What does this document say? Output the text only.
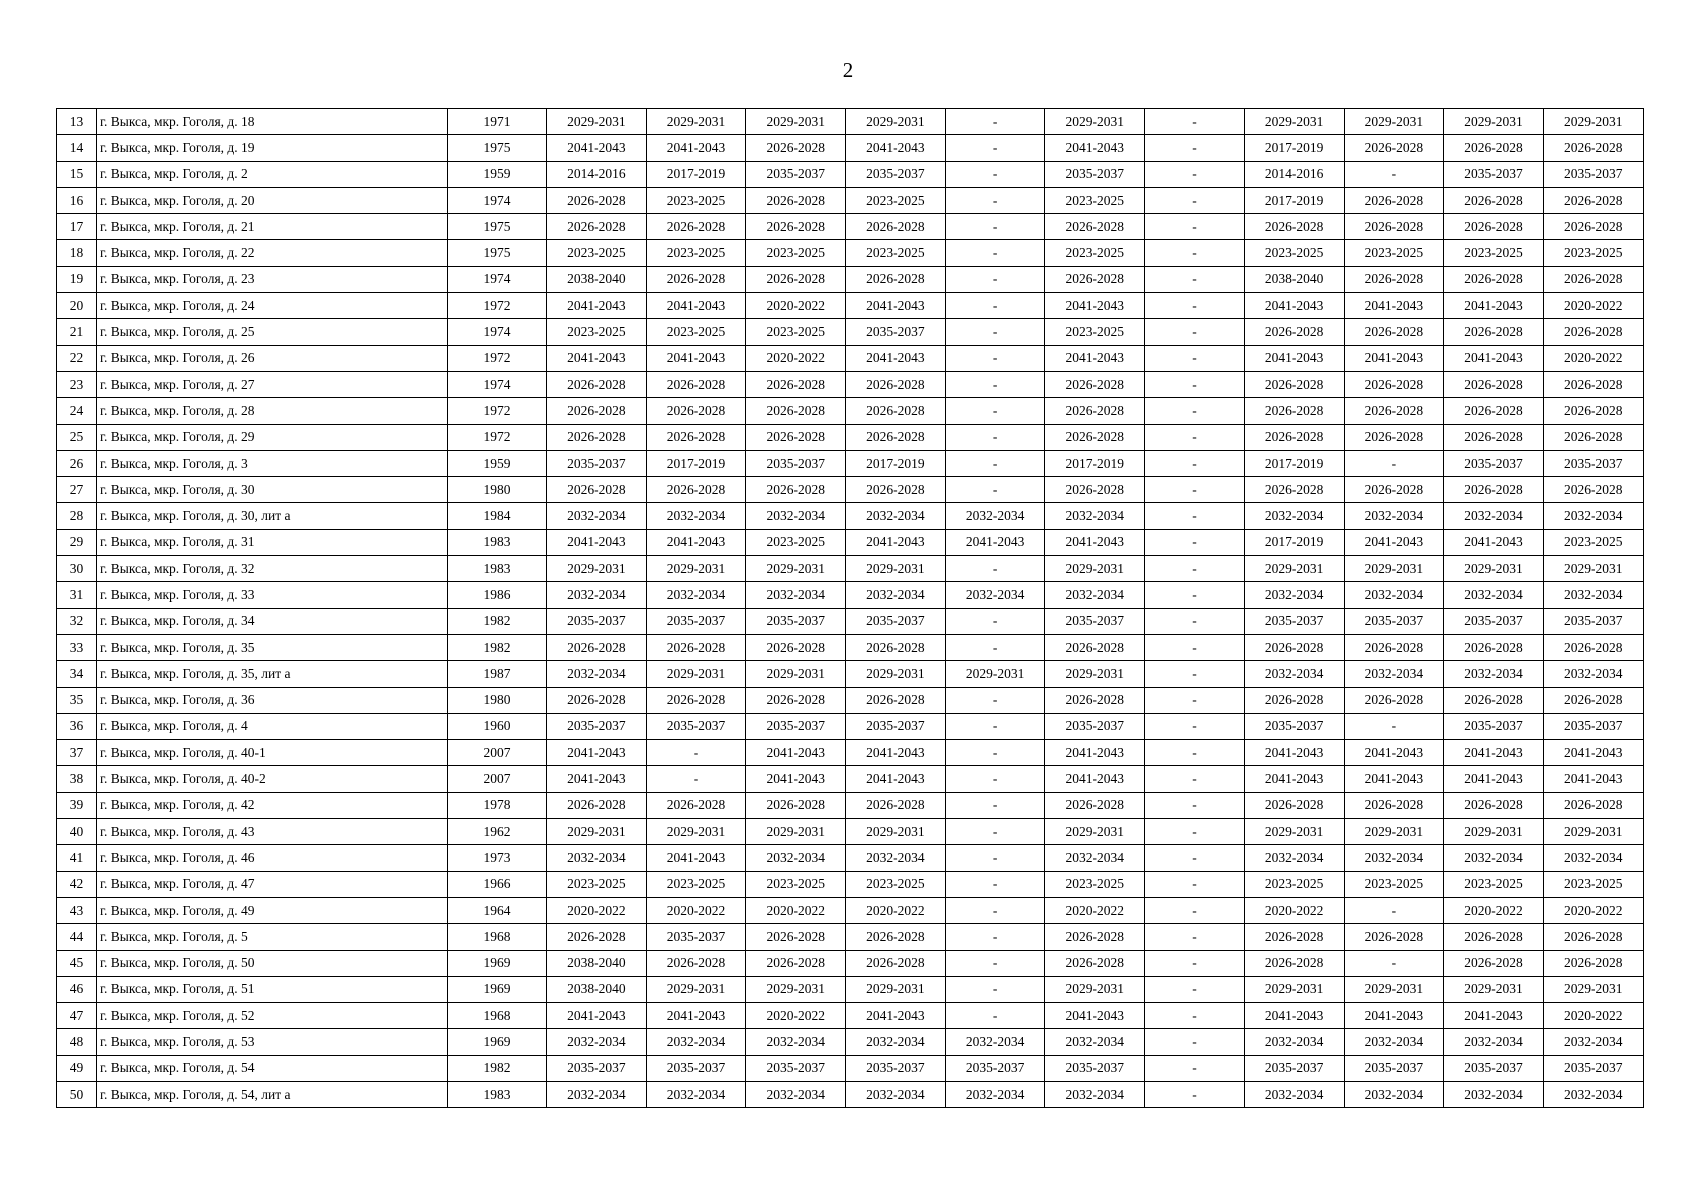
2
13	г. Выкса, мкр. Гоголя, д. 18	1971	2029-2031	2029-2031	2029-2031	2029-2031	-	2029-2031	-	2029-2031	2029-2031	2029-2031	2029-2031
14	г. Выкса, мкр. Гоголя, д. 19	1975	2041-2043	2041-2043	2026-2028	2041-2043	-	2041-2043	-	2017-2019	2026-2028	2026-2028	2026-2028
15	г. Выкса, мкр. Гоголя, д. 2	1959	2014-2016	2017-2019	2035-2037	2035-2037	-	2035-2037	-	2014-2016	-	2035-2037	2035-2037
16	г. Выкса, мкр. Гоголя, д. 20	1974	2026-2028	2023-2025	2026-2028	2023-2025	-	2023-2025	-	2017-2019	2026-2028	2026-2028	2026-2028
17	г. Выкса, мкр. Гоголя, д. 21	1975	2026-2028	2026-2028	2026-2028	2026-2028	-	2026-2028	-	2026-2028	2026-2028	2026-2028	2026-2028
18	г. Выкса, мкр. Гоголя, д. 22	1975	2023-2025	2023-2025	2023-2025	2023-2025	-	2023-2025	-	2023-2025	2023-2025	2023-2025	2023-2025
19	г. Выкса, мкр. Гоголя, д. 23	1974	2038-2040	2026-2028	2026-2028	2026-2028	-	2026-2028	-	2038-2040	2026-2028	2026-2028	2026-2028
20	г. Выкса, мкр. Гоголя, д. 24	1972	2041-2043	2041-2043	2020-2022	2041-2043	-	2041-2043	-	2041-2043	2041-2043	2041-2043	2020-2022
21	г. Выкса, мкр. Гоголя, д. 25	1974	2023-2025	2023-2025	2023-2025	2035-2037	-	2023-2025	-	2026-2028	2026-2028	2026-2028	2026-2028
22	г. Выкса, мкр. Гоголя, д. 26	1972	2041-2043	2041-2043	2020-2022	2041-2043	-	2041-2043	-	2041-2043	2041-2043	2041-2043	2020-2022
23	г. Выкса, мкр. Гоголя, д. 27	1974	2026-2028	2026-2028	2026-2028	2026-2028	-	2026-2028	-	2026-2028	2026-2028	2026-2028	2026-2028
24	г. Выкса, мкр. Гоголя, д. 28	1972	2026-2028	2026-2028	2026-2028	2026-2028	-	2026-2028	-	2026-2028	2026-2028	2026-2028	2026-2028
25	г. Выкса, мкр. Гоголя, д. 29	1972	2026-2028	2026-2028	2026-2028	2026-2028	-	2026-2028	-	2026-2028	2026-2028	2026-2028	2026-2028
26	г. Выкса, мкр. Гоголя, д. 3	1959	2035-2037	2017-2019	2035-2037	2017-2019	-	2017-2019	-	2017-2019	-	2035-2037	2035-2037
27	г. Выкса, мкр. Гоголя, д. 30	1980	2026-2028	2026-2028	2026-2028	2026-2028	-	2026-2028	-	2026-2028	2026-2028	2026-2028	2026-2028
28	г. Выкса, мкр. Гоголя, д. 30, лит а	1984	2032-2034	2032-2034	2032-2034	2032-2034	2032-2034	2032-2034	-	2032-2034	2032-2034	2032-2034	2032-2034
29	г. Выкса, мкр. Гоголя, д. 31	1983	2041-2043	2041-2043	2023-2025	2041-2043	2041-2043	2041-2043	-	2017-2019	2041-2043	2041-2043	2023-2025
30	г. Выкса, мкр. Гоголя, д. 32	1983	2029-2031	2029-2031	2029-2031	2029-2031	-	2029-2031	-	2029-2031	2029-2031	2029-2031	2029-2031
31	г. Выкса, мкр. Гоголя, д. 33	1986	2032-2034	2032-2034	2032-2034	2032-2034	2032-2034	2032-2034	-	2032-2034	2032-2034	2032-2034	2032-2034
32	г. Выкса, мкр. Гоголя, д. 34	1982	2035-2037	2035-2037	2035-2037	2035-2037	-	2035-2037	-	2035-2037	2035-2037	2035-2037	2035-2037
33	г. Выкса, мкр. Гоголя, д. 35	1982	2026-2028	2026-2028	2026-2028	2026-2028	-	2026-2028	-	2026-2028	2026-2028	2026-2028	2026-2028
34	г. Выкса, мкр. Гоголя, д. 35, лит а	1987	2032-2034	2029-2031	2029-2031	2029-2031	2029-2031	2029-2031	-	2032-2034	2032-2034	2032-2034	2032-2034
35	г. Выкса, мкр. Гоголя, д. 36	1980	2026-2028	2026-2028	2026-2028	2026-2028	-	2026-2028	-	2026-2028	2026-2028	2026-2028	2026-2028
36	г. Выкса, мкр. Гоголя, д. 4	1960	2035-2037	2035-2037	2035-2037	2035-2037	-	2035-2037	-	2035-2037	-	2035-2037	2035-2037
37	г. Выкса, мкр. Гоголя, д. 40-1	2007	2041-2043	-	2041-2043	2041-2043	-	2041-2043	-	2041-2043	2041-2043	2041-2043	2041-2043
38	г. Выкса, мкр. Гоголя, д. 40-2	2007	2041-2043	-	2041-2043	2041-2043	-	2041-2043	-	2041-2043	2041-2043	2041-2043	2041-2043
39	г. Выкса, мкр. Гоголя, д. 42	1978	2026-2028	2026-2028	2026-2028	2026-2028	-	2026-2028	-	2026-2028	2026-2028	2026-2028	2026-2028
40	г. Выкса, мкр. Гоголя, д. 43	1962	2029-2031	2029-2031	2029-2031	2029-2031	-	2029-2031	-	2029-2031	2029-2031	2029-2031	2029-2031
41	г. Выкса, мкр. Гоголя, д. 46	1973	2032-2034	2041-2043	2032-2034	2032-2034	-	2032-2034	-	2032-2034	2032-2034	2032-2034	2032-2034
42	г. Выкса, мкр. Гоголя, д. 47	1966	2023-2025	2023-2025	2023-2025	2023-2025	-	2023-2025	-	2023-2025	2023-2025	2023-2025	2023-2025
43	г. Выкса, мкр. Гоголя, д. 49	1964	2020-2022	2020-2022	2020-2022	2020-2022	-	2020-2022	-	2020-2022	-	2020-2022	2020-2022
44	г. Выкса, мкр. Гоголя, д. 5	1968	2026-2028	2035-2037	2026-2028	2026-2028	-	2026-2028	-	2026-2028	2026-2028	2026-2028	2026-2028
45	г. Выкса, мкр. Гоголя, д. 50	1969	2038-2040	2026-2028	2026-2028	2026-2028	-	2026-2028	-	2026-2028	-	2026-2028	2026-2028
46	г. Выкса, мкр. Гоголя, д. 51	1969	2038-2040	2029-2031	2029-2031	2029-2031	-	2029-2031	-	2029-2031	2029-2031	2029-2031	2029-2031
47	г. Выкса, мкр. Гоголя, д. 52	1968	2041-2043	2041-2043	2020-2022	2041-2043	-	2041-2043	-	2041-2043	2041-2043	2041-2043	2020-2022
48	г. Выкса, мкр. Гоголя, д. 53	1969	2032-2034	2032-2034	2032-2034	2032-2034	2032-2034	2032-2034	-	2032-2034	2032-2034	2032-2034	2032-2034
49	г. Выкса, мкр. Гоголя, д. 54	1982	2035-2037	2035-2037	2035-2037	2035-2037	2035-2037	2035-2037	-	2035-2037	2035-2037	2035-2037	2035-2037
50	г. Выкса, мкр. Гоголя, д. 54, лит а	1983	2032-2034	2032-2034	2032-2034	2032-2034	2032-2034	2032-2034	-	2032-2034	2032-2034	2032-2034	2032-2034
